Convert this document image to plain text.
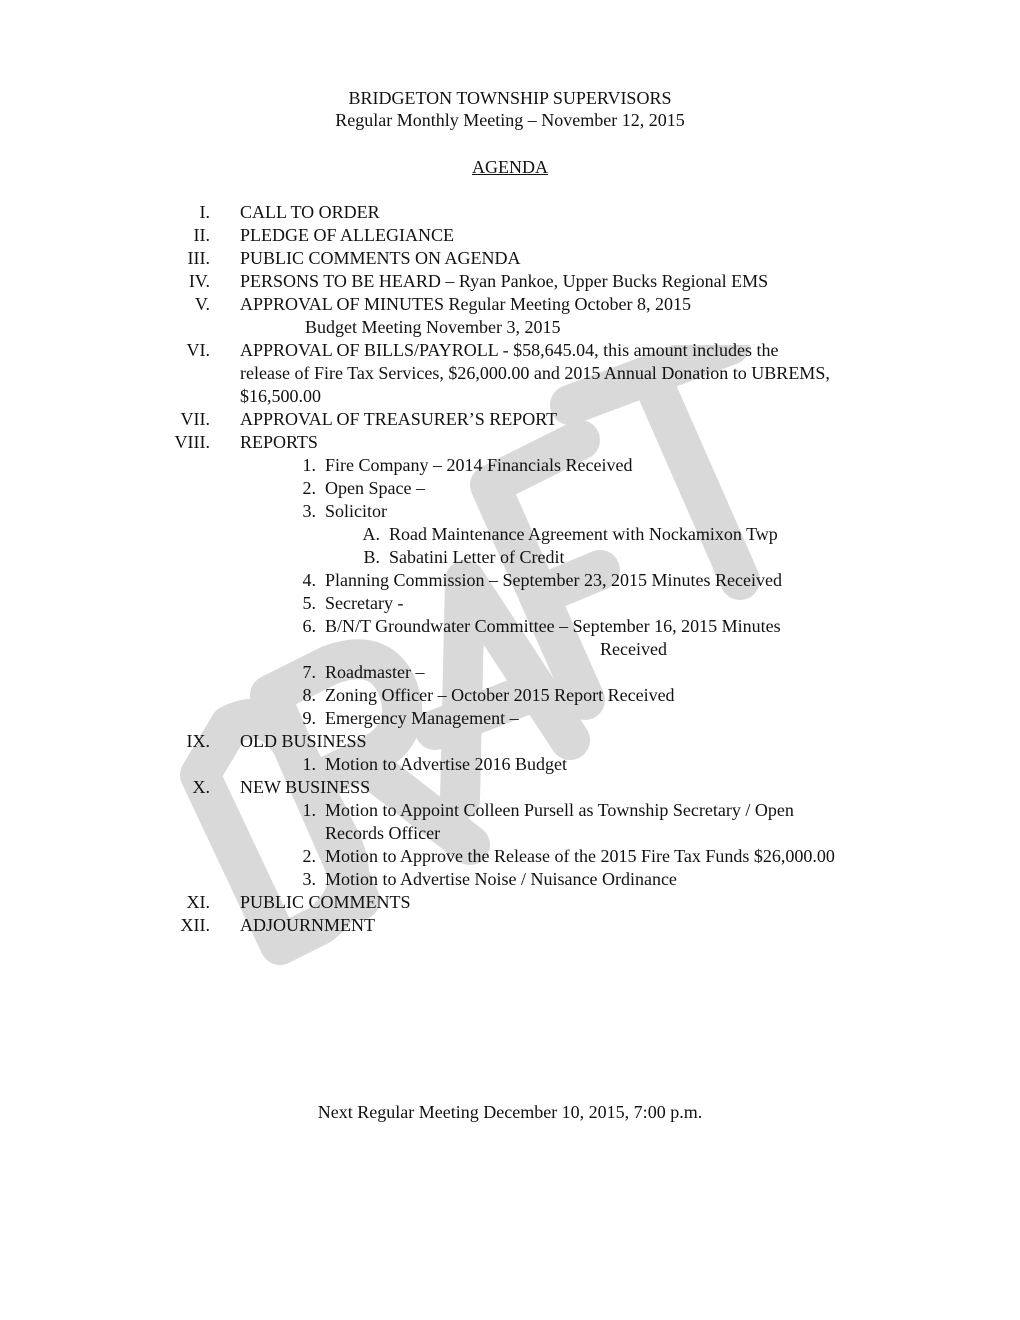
BRIDGETON TOWNSHIP SUPERVISORS
Regular Monthly Meeting – November 12, 2015
AGENDA
I. CALL TO ORDER
II. PLEDGE OF ALLEGIANCE
III. PUBLIC COMMENTS ON AGENDA
IV. PERSONS TO BE HEARD – Ryan Pankoe, Upper Bucks Regional EMS
V. APPROVAL OF MINUTES Regular Meeting October 8, 2015
Budget Meeting November 3, 2015
VI. APPROVAL OF BILLS/PAYROLL - $58,645.04, this amount includes the
release of Fire Tax Services, $26,000.00 and 2015 Annual Donation to UBREMS,
$16,500.00
VII. APPROVAL OF TREASURER’S REPORT
VIII. REPORTS
1. Fire Company – 2014 Financials Received
2. Open Space –
3. Solicitor
A. Road Maintenance Agreement with Nockamixon Twp
B. Sabatini Letter of Credit
4. Planning Commission – September 23, 2015 Minutes Received
5. Secretary -
6. B/N/T Groundwater Committee – September 16, 2015 Minutes
Received
7. Roadmaster –
8. Zoning Officer – October 2015 Report Received
9. Emergency Management –
IX. OLD BUSINESS
1. Motion to Advertise 2016 Budget
X. NEW BUSINESS
1. Motion to Appoint Colleen Pursell as Township Secretary / Open
Records Officer
2. Motion to Approve the Release of the 2015 Fire Tax Funds $26,000.00
3. Motion to Advertise Noise / Nuisance Ordinance
XI. PUBLIC COMMENTS
XII. ADJOURNMENT
Next Regular Meeting December 10, 2015, 7:00 p.m.
